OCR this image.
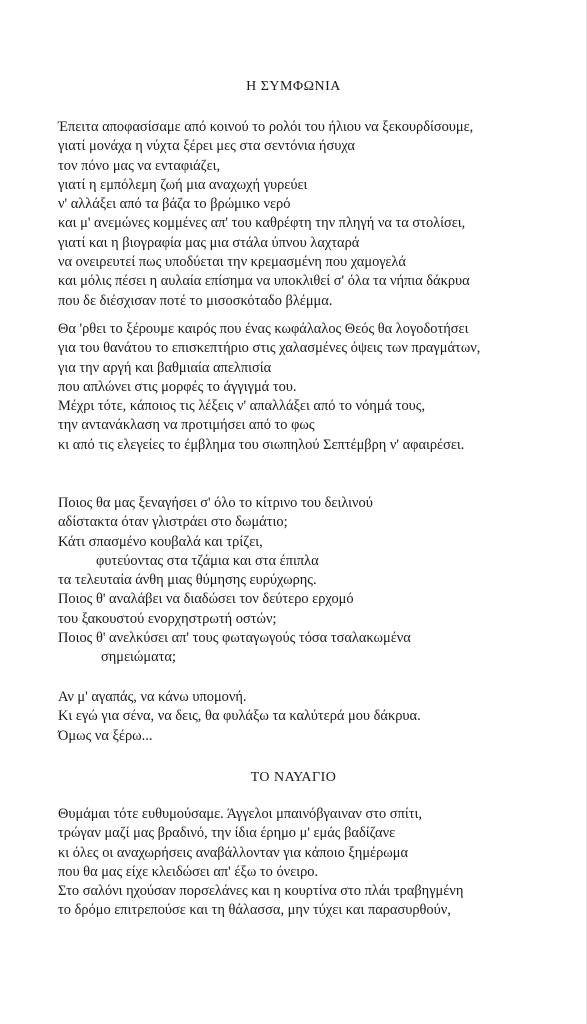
Η ΣΥΜΦΩΝΙΑ
Έπειτα αποφασίσαμε από κοινού το ρολόι του ήλιου να ξεκουρδίσουμε,
γιατί μονάχα η νύχτα ξέρει μες στα σεντόνια ήσυχα
τον πόνο μας να ενταφιάζει,
γιατί η εμπόλεμη ζωή μια αναχωχή γυρεύει
ν' αλλάξει από τα βάζα το βρώμικο νερό
και μ' ανεμώνες κομμένες απ' του καθρέφτη την πληγή να τα στολίσει,
γιατί και η βιογραφία μας μια στάλα ύπνου λαχταρά
να ονειρευτεί πως υποδύεται την κρεμασμένη που χαμογελά
και μόλις πέσει η αυλαία επίσημα να υποκλιθεί σ' όλα τα νήπια δάκρυα
που δε διέσχισαν ποτέ το μισοσκόταδο βλέμμα.
Θα 'ρθει το ξέρουμε καιρός που ένας κωφάλαλος Θεός θα λογοδοτήσει
για του θανάτου το επισκεπτήριο στις χαλασμένες όψεις των πραγμάτων,
για την αργή και βαθμιαία απελπισία
που απλώνει στις μορφές το άγγιγμά του.
Μέχρι τότε, κάποιος τις λέξεις ν' απαλλάξει από το νόημά τους,
την αντανάκλαση να προτιμήσει από το φως
κι από τις ελεγείες το έμβλημα του σιωπηλού Σεπτέμβρη ν' αφαιρέσει.
Ποιος θα μας ξεναγήσει σ' όλο το κίτρινο του δειλινού
αδίστακτα όταν γλιστράει στο δωμάτιο;
Κάτι σπασμένο κουβαλά και τρίζει,
φυτεύοντας στα τζάμια και στα έπιπλα
τα τελευταία άνθη μιας θύμησης ευρύχωρης.
Ποιος θ' αναλάβει να διαδώσει τον δεύτερο ερχομό
του ξακουστού ενορχηστρωτή οστών;
Ποιος θ' ανελκύσει απ' τους φωταγωγούς τόσα τσαλακωμένα
σημειώματα;
Αν μ' αγαπάς, να κάνω υπομονή.
Κι εγώ για σένα, να δεις, θα φυλάξω τα καλύτερά μου δάκρυα.
Όμως να ξέρω...
ΤΟ ΝΑΥΑΓΙΟ
Θυμάμαι τότε ευθυμούσαμε. Άγγελοι μπαινόβγαιναν στο σπίτι,
τρώγαν μαζί μας βραδινό, την ίδια έρημο μ' εμάς βαδίζανε
κι όλες οι αναχωρήσεις αναβάλλονταν για κάποιο ξημέρωμα
που θα μας είχε κλειδώσει απ' έξω το όνειρο.
Στο σαλόνι ηχούσαν πορσελάνες και η κουρτίνα στο πλάι τραβηγμένη
το δρόμο επιτρεπούσε και τη θάλασσα, μην τύχει και παρασυρθούν,
